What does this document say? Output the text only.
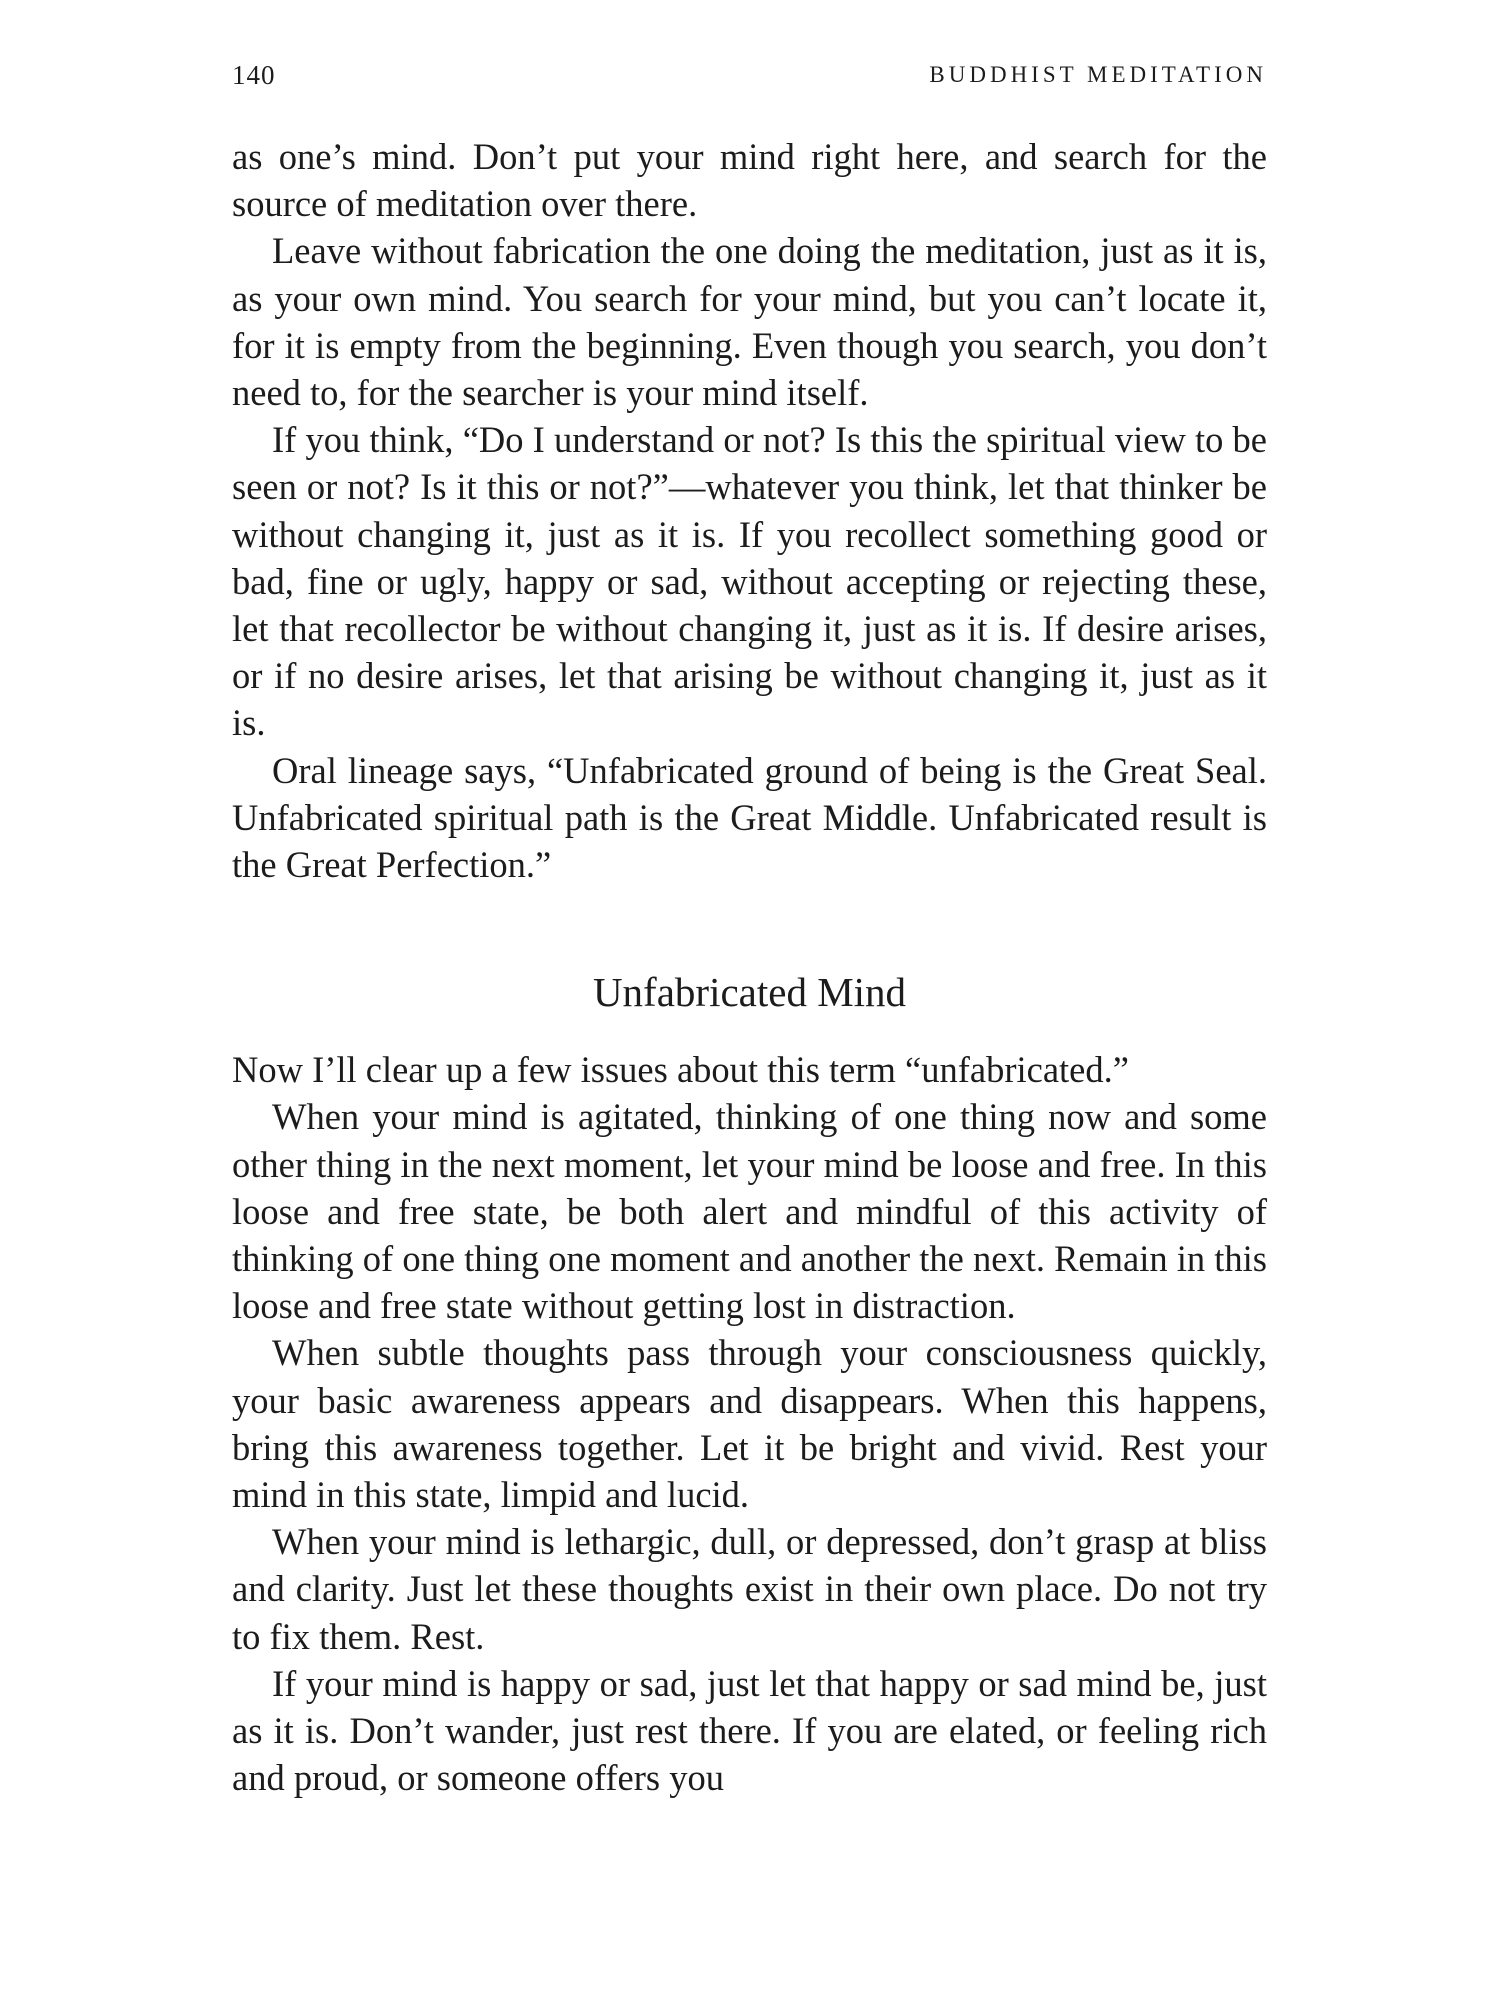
140	BUDDHIST MEDITATION

as one’s mind. Don’t put your mind right here, and search for the source of meditation over there.

Leave without fabrication the one doing the meditation, just as it is, as your own mind. You search for your mind, but you can’t locate it, for it is empty from the beginning. Even though you search, you don’t need to, for the searcher is your mind itself.

If you think, “Do I understand or not? Is this the spiritual view to be seen or not? Is it this or not?”—whatever you think, let that thinker be without changing it, just as it is. If you recollect something good or bad, fine or ugly, happy or sad, without accepting or rejecting these, let that recollector be without changing it, just as it is. If desire arises, or if no desire arises, let that arising be without changing it, just as it is.

Oral lineage says, “Unfabricated ground of being is the Great Seal. Unfabricated spiritual path is the Great Middle. Unfabricated result is the Great Perfection.”

Unfabricated Mind

Now I’ll clear up a few issues about this term “unfabricated.”

When your mind is agitated, thinking of one thing now and some other thing in the next moment, let your mind be loose and free. In this loose and free state, be both alert and mindful of this activity of thinking of one thing one moment and another the next. Remain in this loose and free state without getting lost in distraction.

When subtle thoughts pass through your consciousness quickly, your basic awareness appears and disappears. When this happens, bring this awareness together. Let it be bright and vivid. Rest your mind in this state, limpid and lucid.

When your mind is lethargic, dull, or depressed, don’t grasp at bliss and clarity. Just let these thoughts exist in their own place. Do not try to fix them. Rest.

If your mind is happy or sad, just let that happy or sad mind be, just as it is. Don’t wander, just rest there. If you are elated, or feeling rich and proud, or someone offers you
